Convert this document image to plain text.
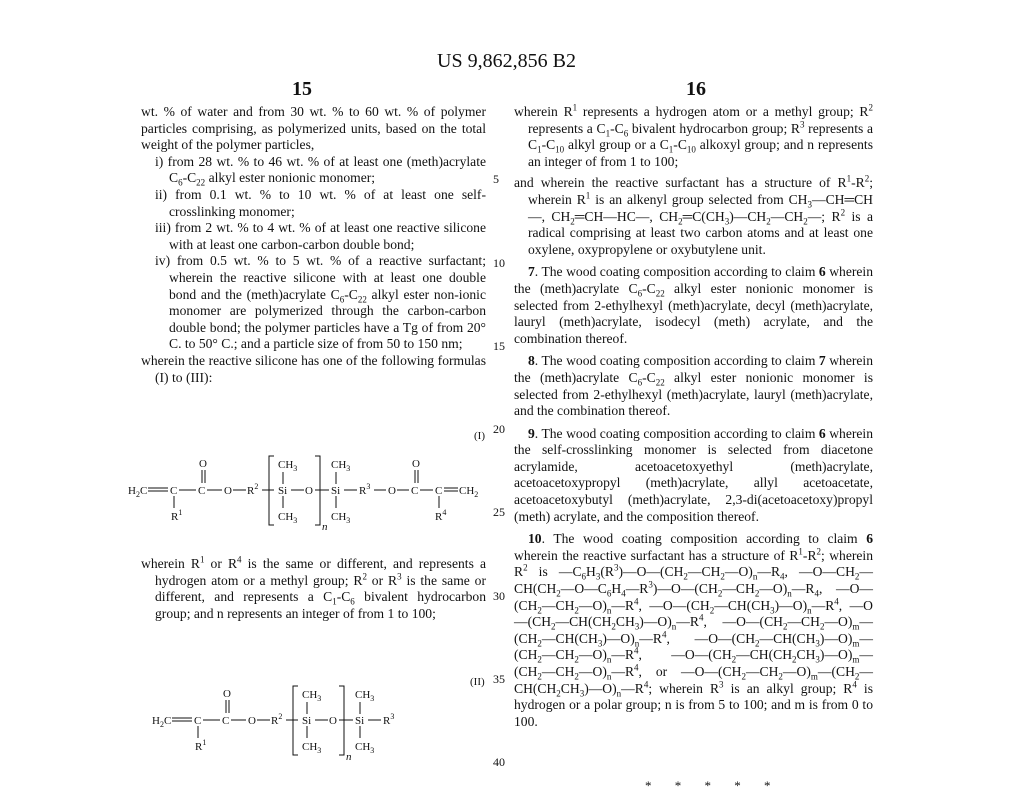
US 9,862,856 B2
15	16

wt. % of water and from 30 wt. % to 60 wt. % of polymer particles comprising, as polymerized units, based on the total weight of the polymer particles,

i) from 28 wt. % to 46 wt. % of at least one (meth)acrylate $C_6-C_{22}$ alkyl ester nonionic monomer;

ii) from 0.1 wt. % to 10 wt. % of at least one self-crosslinking monomer;

iii) from 2 wt. % to 4 wt. % of at least one reactive silicone with at least one carbon-carbon double bond;

iv) from 0.5 wt. % to 5 wt. % of a reactive surfactant; wherein the reactive silicone with at least one double bond and the (meth)acrylate $C_6-C_{22}$ alkyl ester non-ionic monomer are polymerized through the carbon-carbon double bond; the polymer particles have a Tg of from 20° C. to 50° C.; and a particle size of from 50 to 150 nm;

wherein the reactive silicone has one of the following formulas (I) to (III):

(I)
$H_2C$ C C
O
O $R^2$
$R^1$
Si
$CH_3$
$CH_3$
O
n
Si
$CH_3$
$CH_3$
$R^3$ O C
O
C
$R^4$
$CH_2$

wherein $R^1$ or $R^4$ is the same or different, and represents a hydrogen atom or a methyl group; $R^2$ or $R^3$ is the same or different, and represents a $C_1-C_6$ bivalent hydrocarbon group; and n represents an integer of from 1 to 100;

(II)
$H_2C$ C C
O
O $R^2$
$R^1$
Si
$CH_3$
$CH_3$
O
n
Si
$CH_3$
$CH_3$
$R^3$
5
10
15
20
25
30
35
40

wherein $R^1$ represents a hydrogen atom or a methyl group; $R^2$ represents a $C_1-C_6$ bivalent hydrocarbon group; $R^3$ represents a $C_1-C_{10}$ alkyl group or a $C_1-C_{10}$ alkoxyl group; and n represents an integer of from 1 to 100;

and wherein the reactive surfactant has a structure of $R^1-R^2$; wherein $R^1$ is an alkenyl group selected from $CH_3—CH═CH—$, $CH_2═CH—HC—$, $CH_2═C(CH_3)—CH_2—CH_2—$; $R^2$ is a radical comprising at least two carbon atoms and at least one oxylene, oxypropylene or oxybutylene unit.

7. The wood coating composition according to claim 6 wherein the (meth)acrylate $C_6-C_{22}$ alkyl ester nonionic monomer is selected from 2-ethylhexyl (meth)acrylate, decyl (meth)acrylate, lauryl (meth)acrylate, isodecyl (meth) acrylate, and the combination thereof.

8. The wood coating composition according to claim 7 wherein the (meth)acrylate $C_6-C_{22}$ alkyl ester nonionic monomer is selected from 2-ethylhexyl (meth)acrylate, lauryl (meth)acrylate, and the combination thereof.

9. The wood coating composition according to claim 6 wherein the self-crosslinking monomer is selected from diacetone acrylamide, acetoacetoxyethyl (meth)acrylate, acetoacetoxypropyl (meth)acrylate, allyl acetoacetate, acetoacetoxybutyl (meth)acrylate, 2,3-di(acetoacetoxy)propyl (meth) acrylate, and the composition thereof.

10. The wood coating composition according to claim 6 wherein the reactive surfactant has a structure of $R^1-R^2$; wherein $R^2$ is $—C_6H_3(R^3)—O—(CH_2—CH_2—O)_n—R_4$, $—O—CH_2—CH(CH_2—O—C_6H_4—R^3)—O—(CH_2—CH_2—O)_n—R_4$, $—O—(CH_2—CH_2—O)_n—R^4$, $—O—(CH_2—CH(CH_3)—O)_n—R^4$, $—O—(CH_2—CH(CH_2CH_3)—O)_n—R^4$, $—O—(CH_2—CH_2—O)_m—(CH_2—CH(CH_3)—O)_n—R^4$, $—O—(CH_2—CH(CH_3)—O)_m—(CH_2—CH_2—O)_n—R^4$, $—O—(CH_2—CH(CH_2CH_3)—O)_m—(CH_2—CH_2—O)_n—R^4$, or $—O—(CH_2—CH_2—O)_m—(CH_2—CH(CH_2CH_3)—O)_n—R^4$; wherein $R^3$ is an alkyl group; $R^4$ is hydrogen or a polar group; n is from 5 to 100; and m is from 0 to 100.

* * * * *
